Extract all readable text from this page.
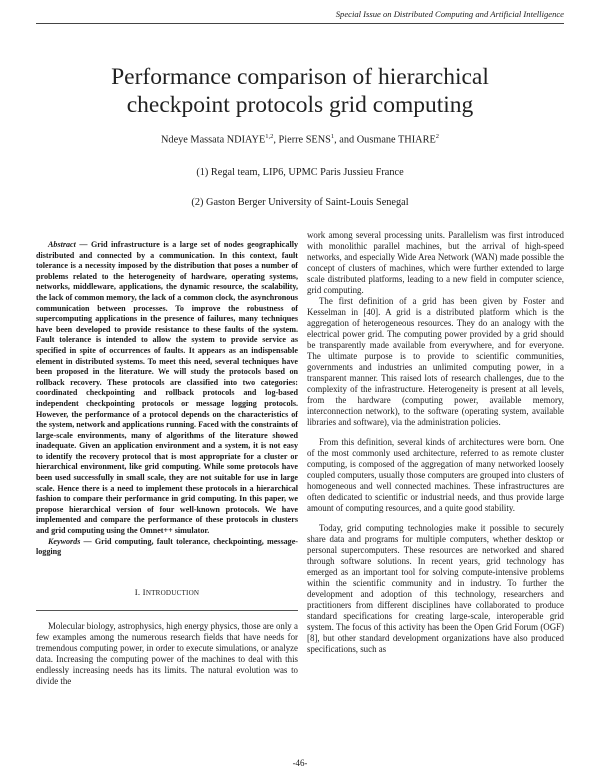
Special Issue on Distributed Computing and Artificial Intelligence
Performance comparison of hierarchical
checkpoint protocols grid computing
Ndeye Massata NDIAYE$^{1,2}$, Pierre SENS$^1$, and Ousmane THIARE$^2$
(1) Regal team, LIP6, UPMC Paris Jussieu France
(2) Gaston Berger University of Saint-Louis Senegal

Abstract — Grid infrastructure is a large set of nodes geographically distributed and connected by a communication. In this context, fault tolerance is a necessity imposed by the distribution that poses a number of problems related to the heterogeneity of hardware, operating systems, networks, middleware, applications, the dynamic resource, the scalability, the lack of common memory, the lack of a common clock, the asynchronous communication between processes. To improve the robustness of supercomputing applications in the presence of failures, many techniques have been developed to provide resistance to these faults of the system. Fault tolerance is intended to allow the system to provide service as specified in spite of occurrences of faults. It appears as an indispensable element in distributed systems. To meet this need, several techniques have been proposed in the literature. We will study the protocols based on rollback recovery. These protocols are classified into two categories: coordinated checkpointing and rollback protocols and log-based independent checkpointing protocols or message logging protocols. However, the performance of a protocol depends on the characteristics of the system, network and applications running. Faced with the constraints of large-scale environments, many of algorithms of the literature showed inadequate. Given an application environment and a system, it is not easy to identify the recovery protocol that is most appropriate for a cluster or hierarchical environment, like grid computing. While some protocols have been used successfully in small scale, they are not suitable for use in large scale. Hence there is a need to implement these protocols in a hierarchical fashion to compare their performance in grid computing. In this paper, we propose hierarchical version of four well-known protocols. We have implemented and compare the performance of these protocols in clusters and grid computing using the Omnet++ simulator.

Keywords — Grid computing, fault tolerance, checkpointing, message-logging

I. INTRODUCTION

Molecular biology, astrophysics, high energy physics, those are only a few examples among the numerous research fields that have needs for tremendous computing power, in order to execute simulations, or analyze data. Increasing the computing power of the machines to deal with this endlessly increasing needs has its limits. The natural evolution was to divide the

work among several processing units. Parallelism was first introduced with monolithic parallel machines, but the arrival of high-speed networks, and especially Wide Area Network (WAN) made possible the concept of clusters of machines, which were further extended to large scale distributed platforms, leading to a new field in computer science, grid computing.

The first definition of a grid has been given by Foster and Kesselman in [40]. A grid is a distributed platform which is the aggregation of heterogeneous resources. They do an analogy with the electrical power grid. The computing power provided by a grid should be transparently made available from everywhere, and for everyone. The ultimate purpose is to provide to scientific communities, governments and industries an unlimited computing power, in a transparent manner. This raised lots of research challenges, due to the complexity of the infrastructure. Heterogeneity is present at all levels, from the hardware (computing power, available memory, interconnection network), to the software (operating system, available libraries and software), via the administration policies.

From this definition, several kinds of architectures were born. One of the most commonly used architecture, referred to as remote cluster computing, is composed of the aggregation of many networked loosely coupled computers, usually those computers are grouped into clusters of homogeneous and well connected machines. These infrastructures are often dedicated to scientific or industrial needs, and thus provide large amount of computing resources, and a quite good stability.

Today, grid computing technologies make it possible to securely share data and programs for multiple computers, whether desktop or personal supercomputers. These resources are networked and shared through software solutions. In recent years, grid technology has emerged as an important tool for solving compute-intensive problems within the scientific community and in industry. To further the development and adoption of this technology, researchers and practitioners from different disciplines have collaborated to produce standard specifications for creating large-scale, interoperable grid system. The focus of this activity has been the Open Grid Forum (OGF) [8], but other standard development organizations have also produced specifications, such as

-46-
